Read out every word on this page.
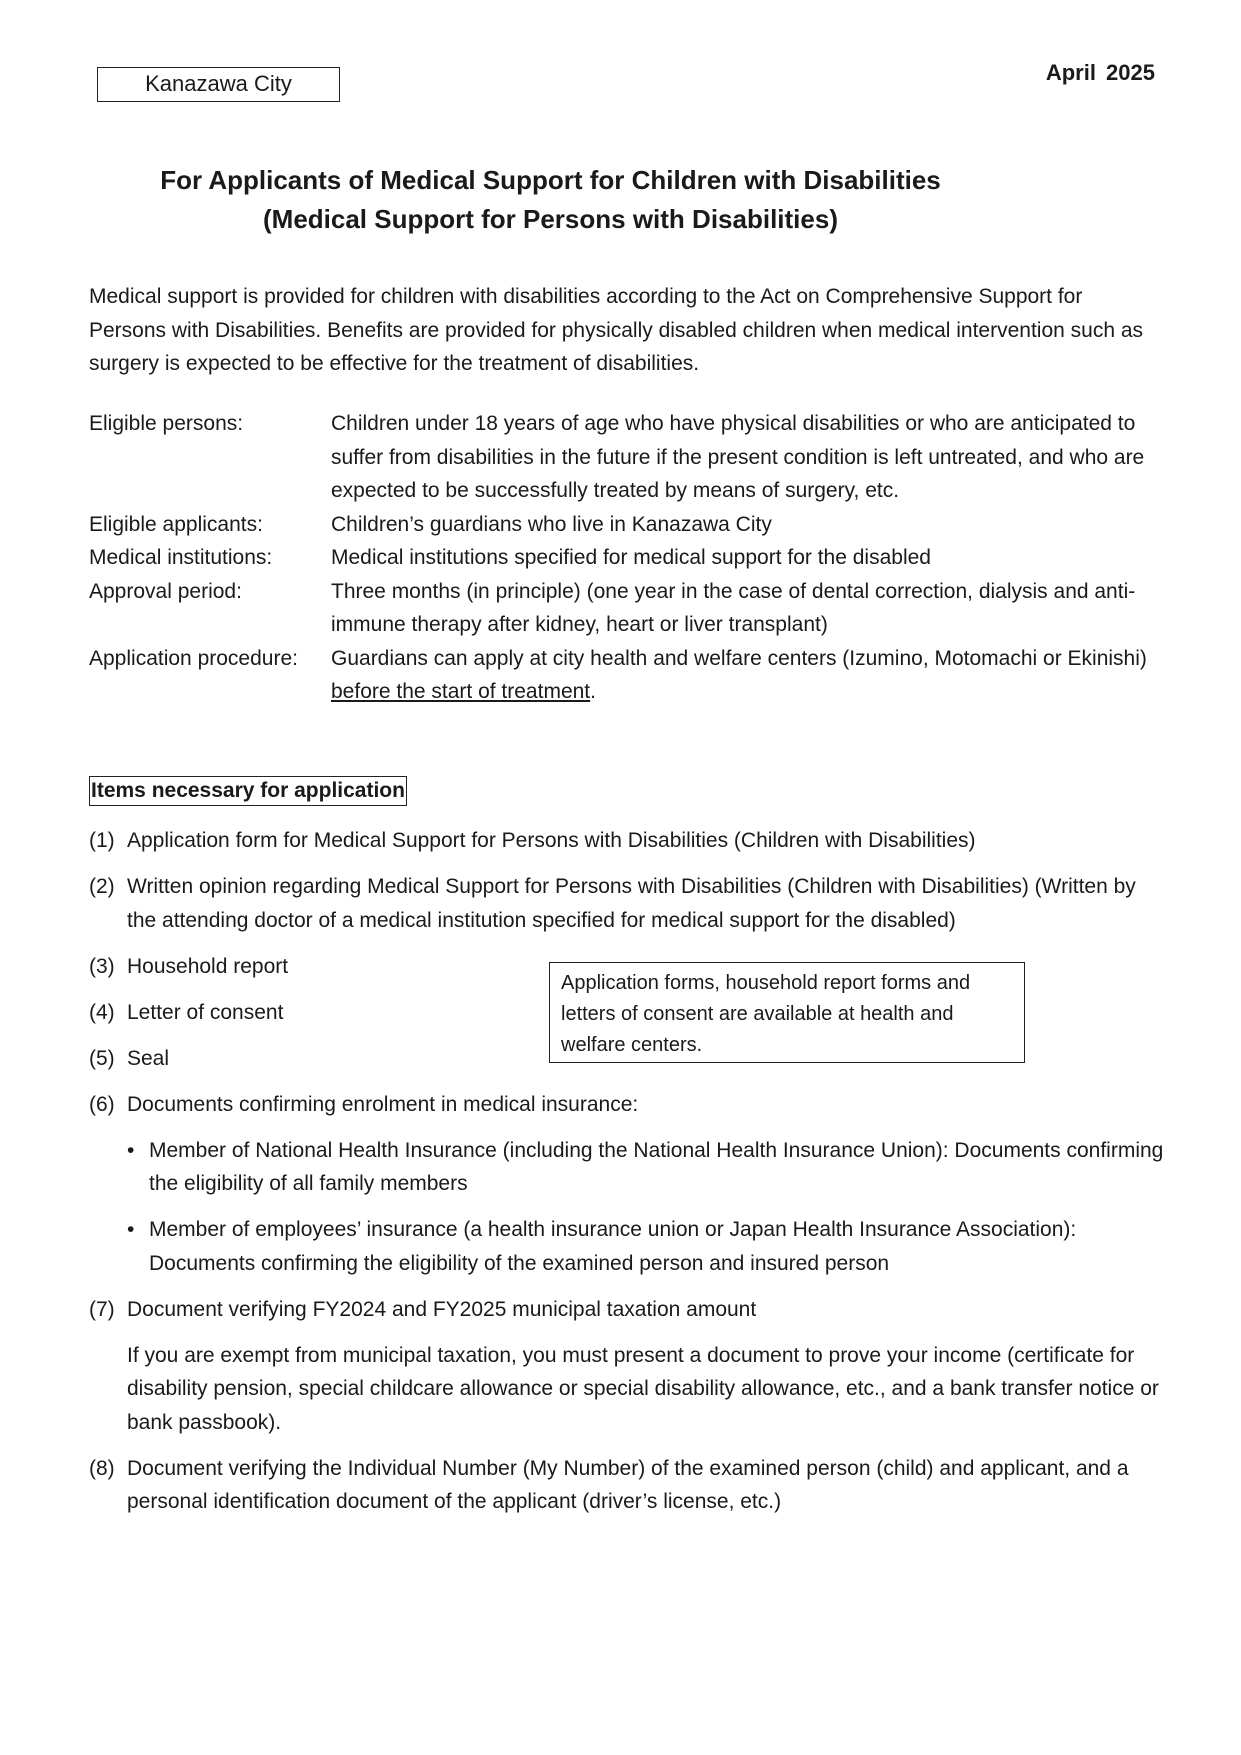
Kanazawa City	April 2025
For Applicants of Medical Support for Children with Disabilities
(Medical Support for Persons with Disabilities)
Medical support is provided for children with disabilities according to the Act on Comprehensive Support for Persons with Disabilities. Benefits are provided for physically disabled children when medical intervention such as surgery is expected to be effective for the treatment of disabilities.
Eligible persons:	Children under 18 years of age who have physical disabilities or who are anticipated to suffer from disabilities in the future if the present condition is left untreated, and who are expected to be successfully treated by means of surgery, etc.
Eligible applicants:	Children’s guardians who live in Kanazawa City
Medical institutions:	Medical institutions specified for medical support for the disabled
Approval period:	Three months (in principle) (one year in the case of dental correction, dialysis and anti-immune therapy after kidney, heart or liver transplant)
Application procedure:	Guardians can apply at city health and welfare centers (Izumino, Motomachi or Ekinishi) before the start of treatment.
Items necessary for application
(1) Application form for Medical Support for Persons with Disabilities (Children with Disabilities)
(2) Written opinion regarding Medical Support for Persons with Disabilities (Children with Disabilities) (Written by the attending doctor of a medical institution specified for medical support for the disabled)
(3) Household report
(4) Letter of consent
(5) Seal
(6) Documents confirming enrolment in medical insurance:
• Member of National Health Insurance (including the National Health Insurance Union): Documents confirming the eligibility of all family members
• Member of employees’ insurance (a health insurance union or Japan Health Insurance Association): Documents confirming the eligibility of the examined person and insured person
(7) Document verifying FY2024 and FY2025 municipal taxation amount
If you are exempt from municipal taxation, you must present a document to prove your income (certificate for disability pension, special childcare allowance or special disability allowance, etc., and a bank transfer notice or bank passbook).
(8) Document verifying the Individual Number (My Number) of the examined person (child) and applicant, and a personal identification document of the applicant (driver’s license, etc.)
Application forms, household report forms and letters of consent are available at health and welfare centers.
